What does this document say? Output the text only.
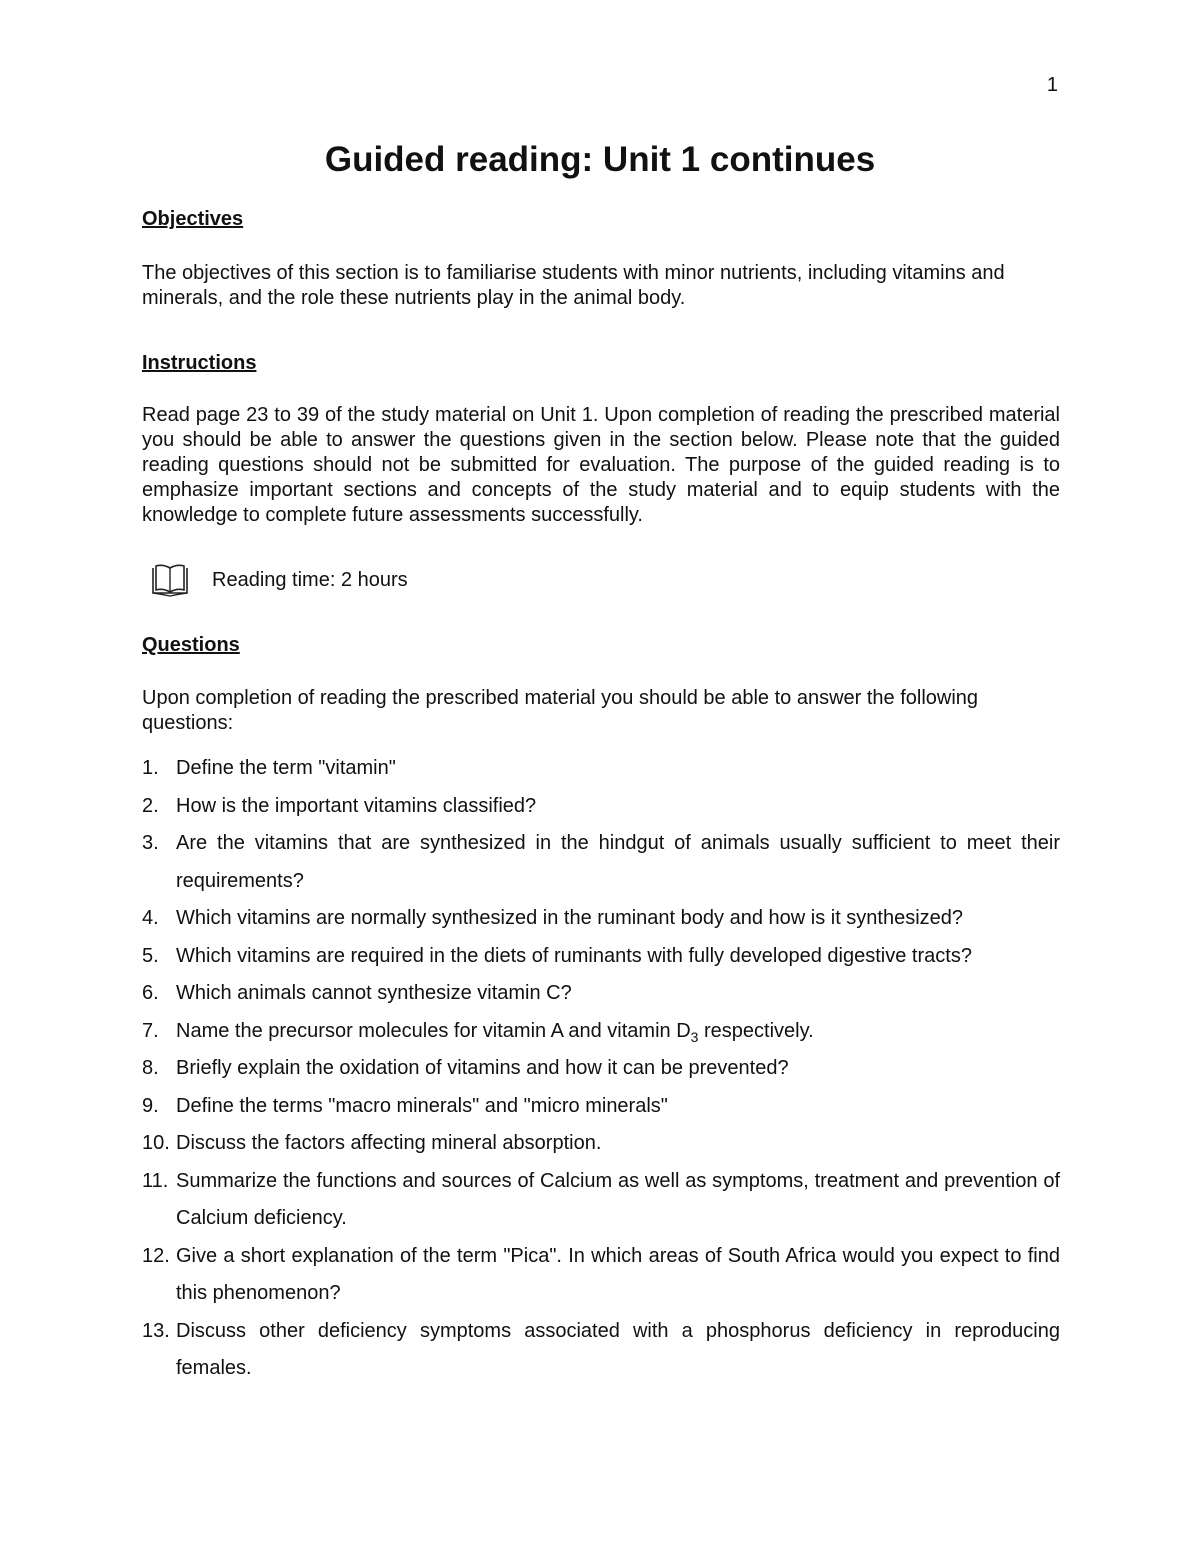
1
Guided reading: Unit 1 continues

Objectives

The objectives of this section is to familiarise students with minor nutrients, including vitamins and minerals, and the role these nutrients play in the animal body.

Instructions

Read page 23 to 39 of the study material on Unit 1. Upon completion of reading the prescribed material you should be able to answer the questions given in the section below. Please note that the guided reading questions should not be submitted for evaluation. The purpose of the guided reading is to emphasize important sections and concepts of the study material and to equip students with the knowledge to complete future assessments successfully.

Reading time: 2 hours

Questions

Upon completion of reading the prescribed material you should be able to answer the following questions:

1. Define the term "vitamin"
2. How is the important vitamins classified?
3. Are the vitamins that are synthesized in the hindgut of animals usually sufficient to meet their requirements?
4. Which vitamins are normally synthesized in the ruminant body and how is it synthesized?
5. Which vitamins are required in the diets of ruminants with fully developed digestive tracts?
6. Which animals cannot synthesize vitamin C?
7. Name the precursor molecules for vitamin A and vitamin $D_3$ respectively.
8. Briefly explain the oxidation of vitamins and how it can be prevented?
9. Define the terms "macro minerals" and "micro minerals"
10. Discuss the factors affecting mineral absorption.
11. Summarize the functions and sources of Calcium as well as symptoms, treatment and prevention of Calcium deficiency.
12. Give a short explanation of the term "Pica". In which areas of South Africa would you expect to find this phenomenon?
13. Discuss other deficiency symptoms associated with a phosphorus deficiency in reproducing females.
